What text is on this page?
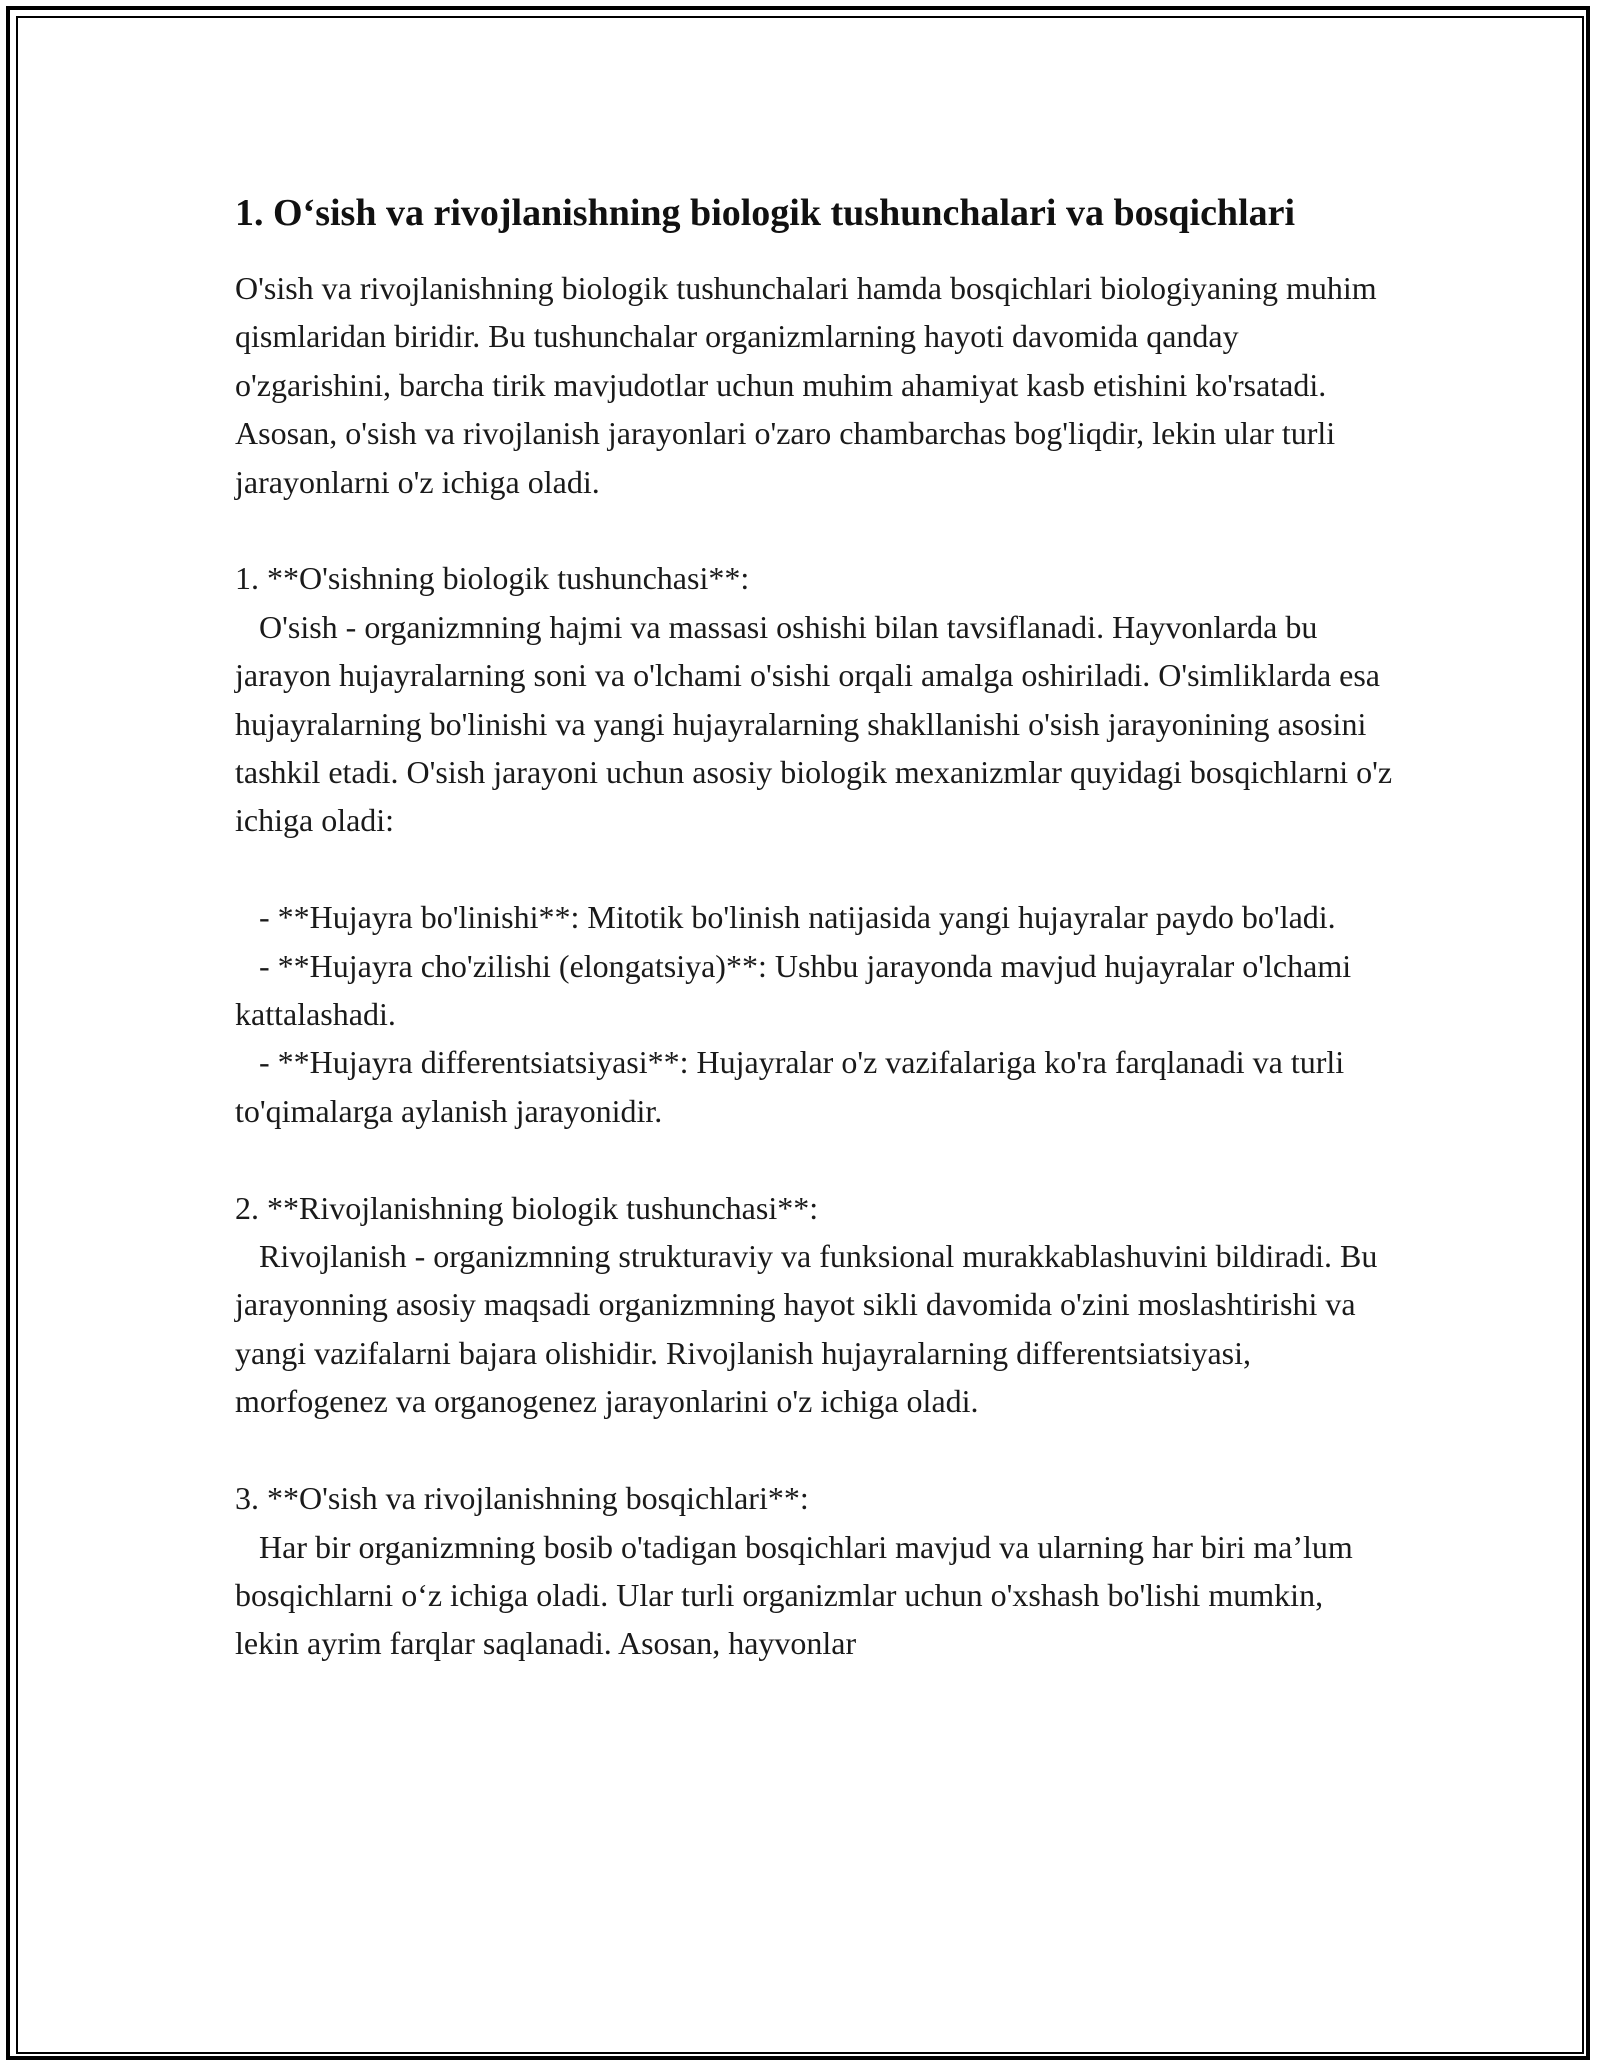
1. O‘sish va rivojlanishning biologik tushunchalari va bosqichlari

O'sish va rivojlanishning biologik tushunchalari hamda bosqichlari biologiyaning muhim qismlaridan biridir. Bu tushunchalar organizmlarning hayoti davomida qanday o'zgarishini, barcha tirik mavjudotlar uchun muhim ahamiyat kasb etishini ko'rsatadi. Asosan, o'sish va rivojlanish jarayonlari o'zaro chambarchas bog'liqdir, lekin ular turli jarayonlarni o'z ichiga oladi.

1. **O'sishning biologik tushunchasi**:

O'sish - organizmning hajmi va massasi oshishi bilan tavsiflanadi. Hayvonlarda bu jarayon hujayralarning soni va o'lchami o'sishi orqali amalga oshiriladi. O'simliklarda esa hujayralarning bo'linishi va yangi hujayralarning shakllanishi o'sish jarayonining asosini tashkil etadi. O'sish jarayoni uchun asosiy biologik mexanizmlar quyidagi bosqichlarni o'z ichiga oladi:

- **Hujayra bo'linishi**: Mitotik bo'linish natijasida yangi hujayralar paydo bo'ladi.

- **Hujayra cho'zilishi (elongatsiya)**: Ushbu jarayonda mavjud hujayralar o'lchami kattalashadi.

- **Hujayra differentsiatsiyasi**: Hujayralar o'z vazifalariga ko'ra farqlanadi va turli to'qimalarga aylanish jarayonidir.

2. **Rivojlanishning biologik tushunchasi**:

Rivojlanish - organizmning strukturaviy va funksional murakkablashuvini bildiradi. Bu jarayonning asosiy maqsadi organizmning hayot sikli davomida o'zini moslashtirishi va yangi vazifalarni bajara olishidir. Rivojlanish hujayralarning differentsiatsiyasi, morfogenez va organogenez jarayonlarini o'z ichiga oladi.

3. **O'sish va rivojlanishning bosqichlari**:

Har bir organizmning bosib o'tadigan bosqichlari mavjud va ularning har biri ma’lum bosqichlarni o‘z ichiga oladi. Ular turli organizmlar uchun o'xshash bo'lishi mumkin, lekin ayrim farqlar saqlanadi. Asosan, hayvonlar
